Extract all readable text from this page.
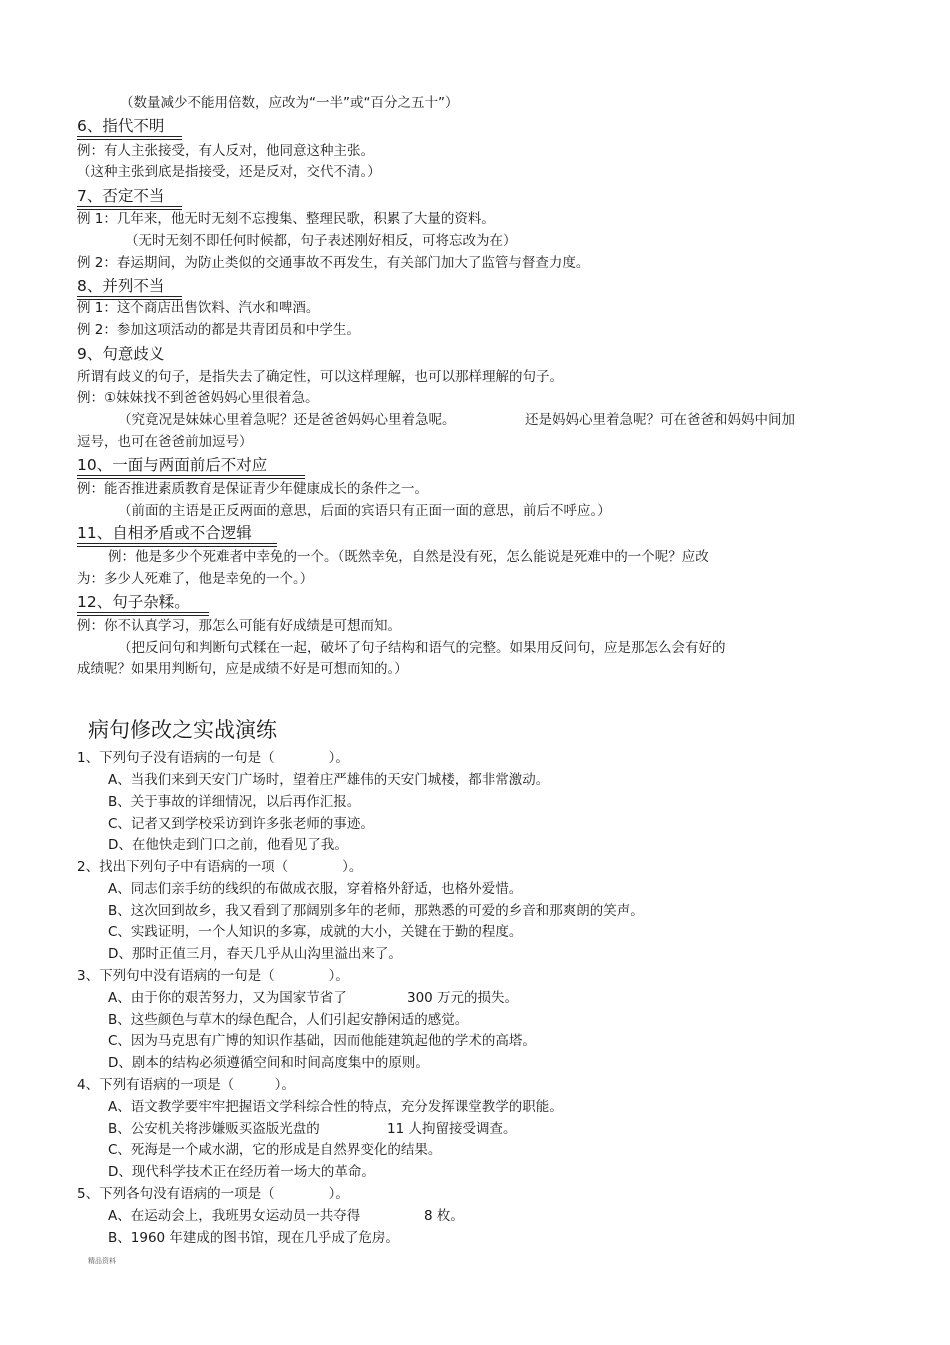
（数量减少不能用倍数，应改为“一半”或“百分之五十”）
6、指代不明
例：有人主张接受，有人反对，他同意这种主张。
（这种主张到底是指接受，还是反对，交代不清。）
7、否定不当
例 1：几年来，他无时无刻不忘搜集、整理民歌，积累了大量的资料。
（无时无刻不即任何时候都，句子表述刚好相反，可将忘改为在）
例 2：春运期间，为防止类似的交通事故不再发生，有关部门加大了监管与督查力度。
8、并列不当
例 1：这个商店出售饮料、汽水和啤酒。
例 2：参加这项活动的都是共青团员和中学生。
9、句意歧义
所谓有歧义的句子，是指失去了确定性，可以这样理解，也可以那样理解的句子。
例：①妹妹找不到爸爸妈妈心里很着急。
（究竟况是妹妹心里着急呢？还是爸爸妈妈心里着急呢。	还是妈妈心里着急呢？可在爸爸和妈妈中间加
逗号，也可在爸爸前加逗号）
10、一面与两面前后不对应
例：能否推进素质教育是保证青少年健康成长的条件之一。
（前面的主语是正反两面的意思，后面的宾语只有正面一面的意思，前后不呼应。）
11、自相矛盾或不合逻辑
例：他是多少个死难者中幸免的一个。（既然幸免，自然是没有死，怎么能说是死难中的一个呢？应改
为：多少人死难了，他是幸免的一个。）
12、句子杂糅。
例：你不认真学习，那怎么可能有好成绩是可想而知。
（把反问句和判断句式糅在一起，破坏了句子结构和语气的完整。如果用反问句，应是那怎么会有好的
成绩呢？如果用判断句，应是成绩不好是可想而知的。）
病句修改之实战演练
1、下列句子没有语病的一句是（　　　　）。
A、当我们来到天安门广场时，望着庄严雄伟的天安门城楼，都非常激动。
B、关于事故的详细情况，以后再作汇报。
C、记者又到学校采访到许多张老师的事迹。
D、在他快走到门口之前，他看见了我。
2、找出下列句子中有语病的一项（　　　　）。
A、同志们亲手纺的线织的布做成衣服，穿着格外舒适，也格外爱惜。
B、这次回到故乡，我又看到了那阔别多年的老师，那熟悉的可爱的乡音和那爽朗的笑声。
C、实践证明，一个人知识的多寡，成就的大小，关键在于勤的程度。
D、那时正值三月，春天几乎从山沟里溢出来了。
3、下列句中没有语病的一句是（　　　　）。
A、由于你的艰苦努力，又为国家节省了	300 万元的损失。
B、这些颜色与草木的绿色配合，人们引起安静闲适的感觉。
C、因为马克思有广博的知识作基础，因而他能建筑起他的学术的高塔。
D、剧本的结构必须遵循空间和时间高度集中的原则。
4、下列有语病的一项是（　　　）。
A、语文教学要牢牢把握语文学科综合性的特点，充分发挥课堂教学的职能。
B、公安机关将涉嫌贩买盗版光盘的	11 人拘留接受调查。
C、死海是一个咸水湖，它的形成是自然界变化的结果。
D、现代科学技术正在经历着一场大的革命。
5、下列各句没有语病的一项是（　　　　）。
A、在运动会上，我班男女运动员一共夺得	8 枚。
B、1960 年建成的图书馆，现在几乎成了危房。
精品资料
